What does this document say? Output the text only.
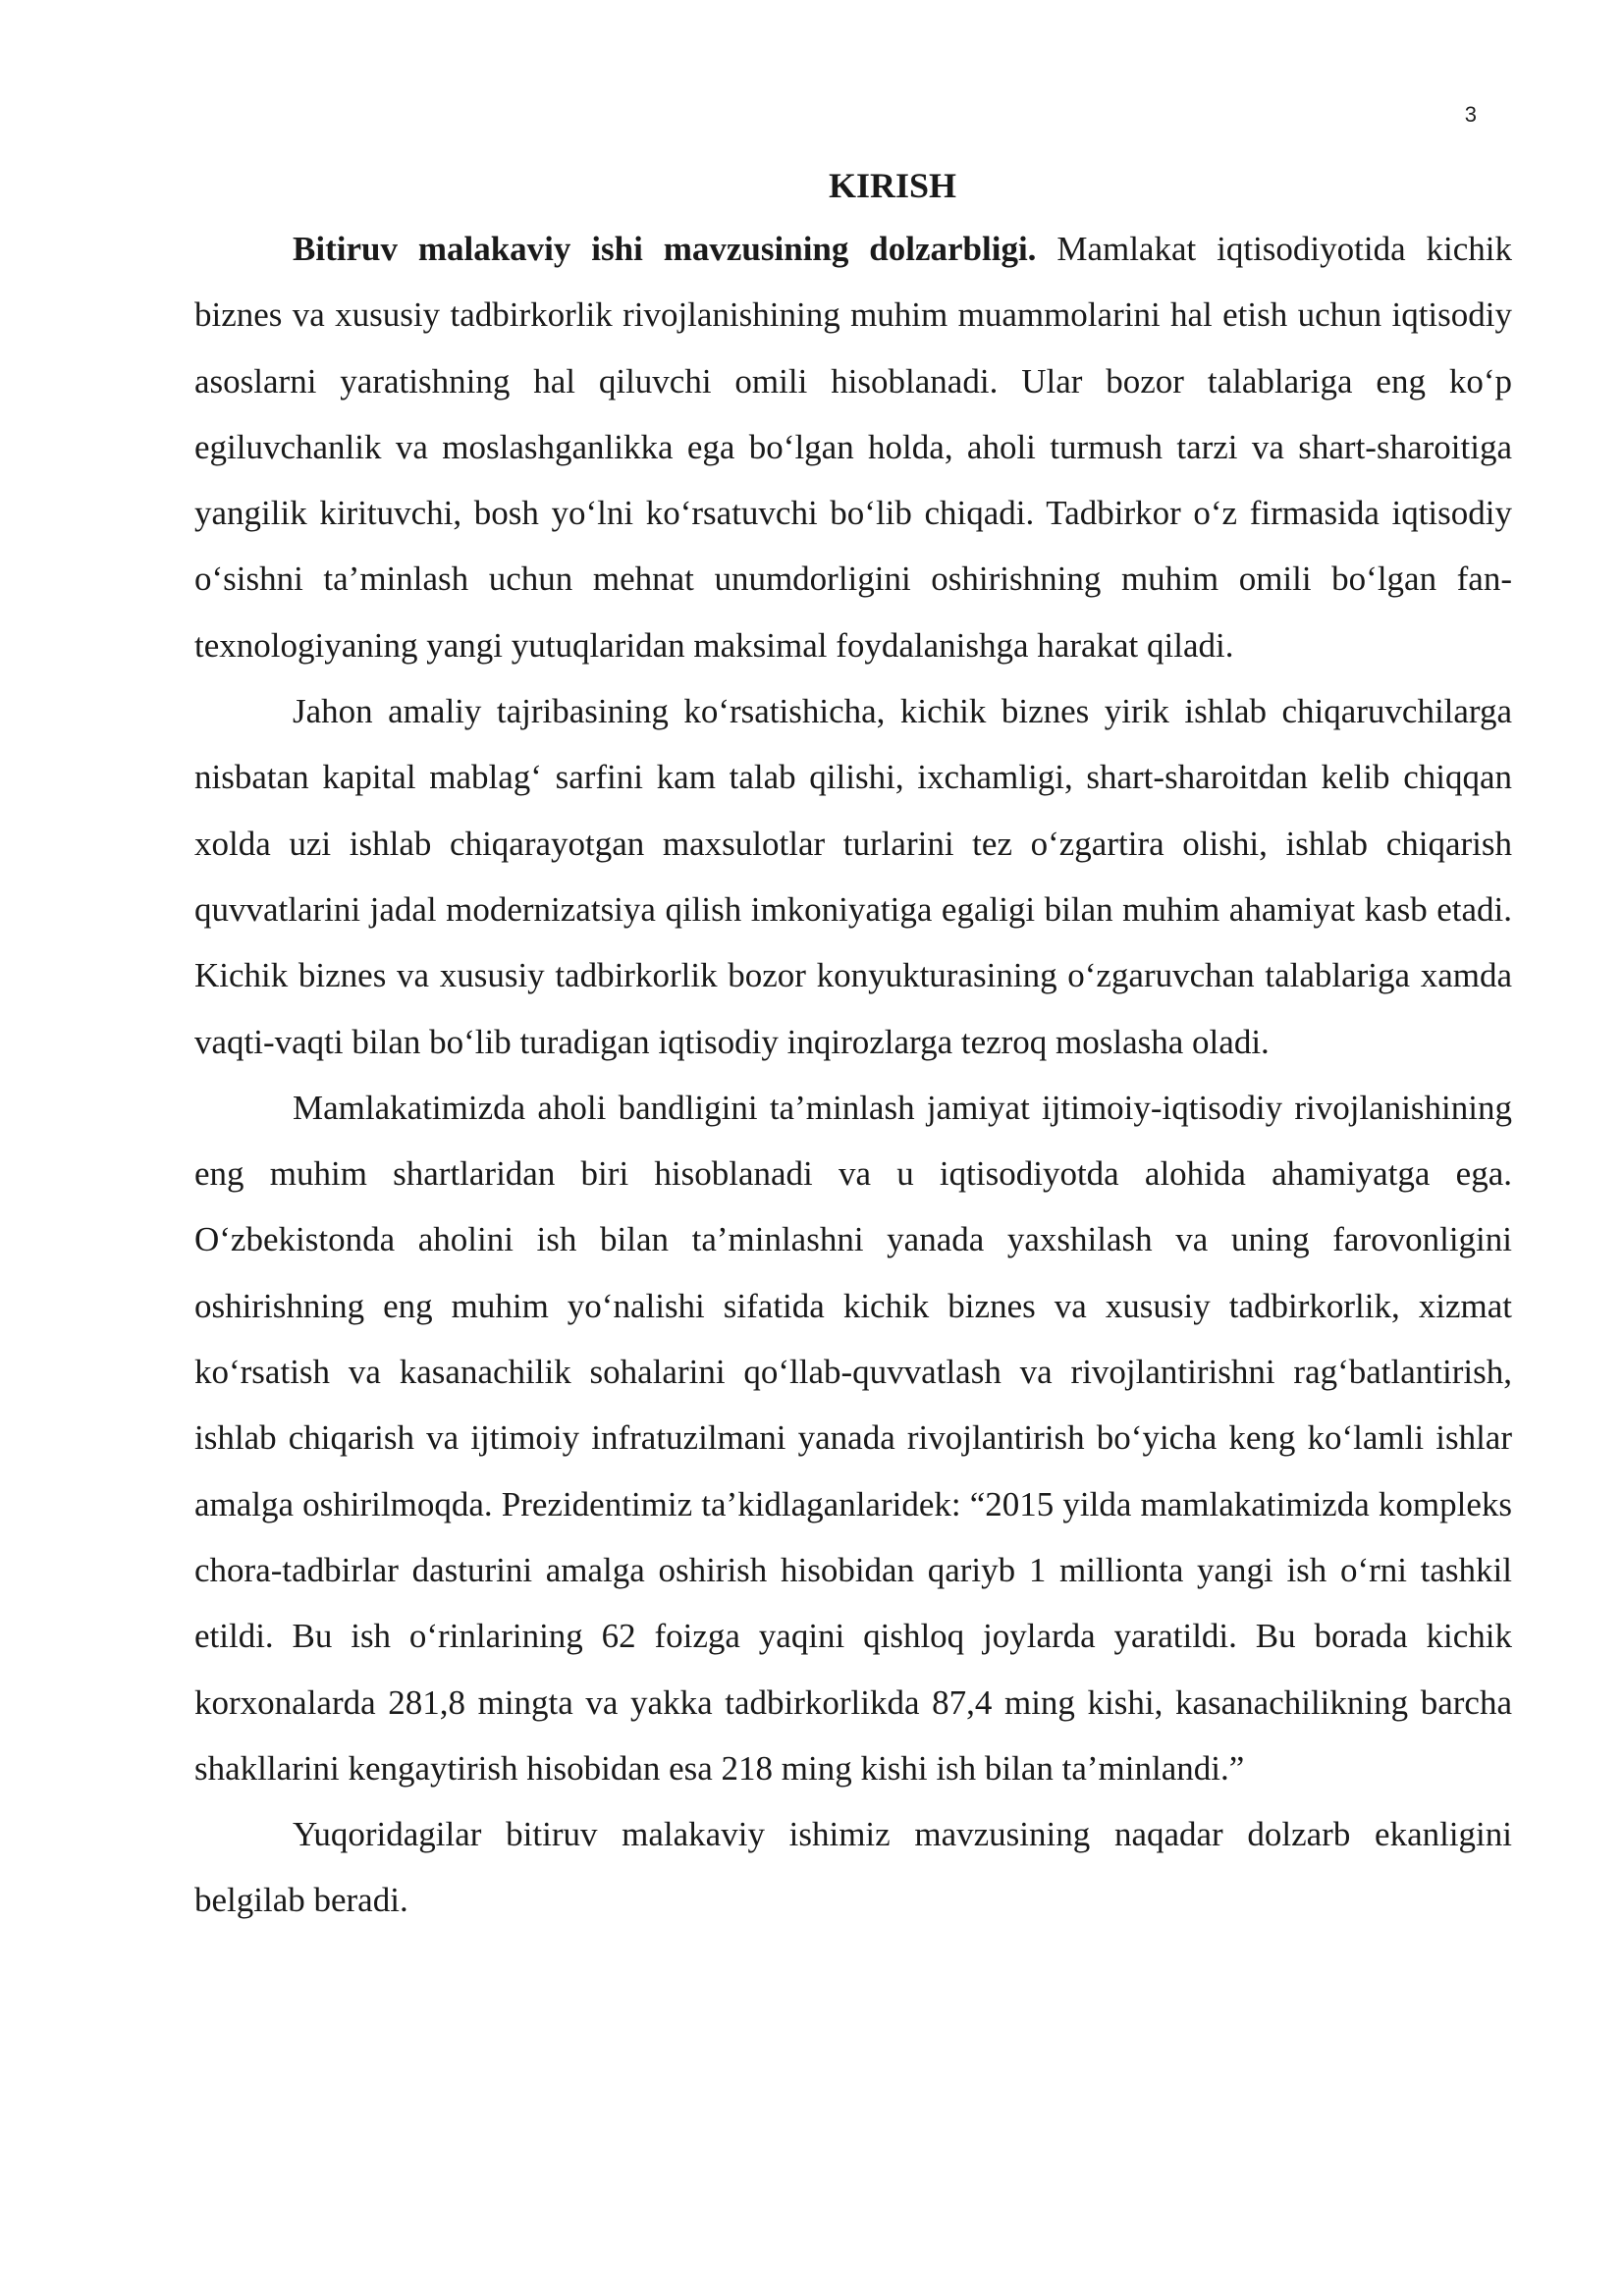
3
KIRISH

Bitiruv malakaviy ishi mavzusining dolzarbligi. Mamlakat iqtisodiyotida kichik biznes va xususiy tadbirkorlik rivojlanishining muhim muammolarini hal etish uchun iqtisodiy asoslarni yaratishning hal qiluvchi omili hisoblanadi. Ular bozor talablariga eng ko‘p egiluvchanlik va moslashganlikka ega bo‘lgan holda, aholi turmush tarzi va shart-sharoitiga yangilik kirituvchi, bosh yo‘lni ko‘rsatuvchi bo‘lib chiqadi. Tadbirkor o‘z firmasida iqtisodiy o‘sishni ta’minlash uchun mehnat unumdorligini oshirishning muhim omili bo‘lgan fan-texnologiyaning yangi yutuqlaridan maksimal foydalanishga harakat qiladi.

Jahon amaliy tajribasining ko‘rsatishicha, kichik biznes yirik ishlab chiqaruvchilarga nisbatan kapital mablag‘ sarfini kam talab qilishi, ixchamligi, shart-sharoitdan kelib chiqqan xolda uzi ishlab chiqarayotgan maxsulotlar turlarini tez o‘zgartira olishi, ishlab chiqarish quvvatlarini jadal modernizatsiya qilish imkoniyatiga egaligi bilan muhim ahamiyat kasb etadi. Kichik biznes va xususiy tadbirkorlik bozor konyukturasining o‘zgaruvchan talablariga xamda vaqti-vaqti bilan bo‘lib turadigan iqtisodiy inqirozlarga tezroq moslasha oladi.

Mamlakatimizda aholi bandligini ta’minlash jamiyat ijtimoiy-iqtisodiy rivojlanishining eng muhim shartlaridan biri hisoblanadi va u iqtisodiyotda alohida ahamiyatga ega. O‘zbekistonda aholini ish bilan ta’minlashni yanada yaxshilash va uning farovonligini oshirishning eng muhim yo‘nalishi sifatida kichik biznes va xususiy tadbirkorlik, xizmat ko‘rsatish va kasanachilik sohalarini qo‘llab-quvvatlash va rivojlantirishni rag‘batlantirish, ishlab chiqarish va ijtimoiy infratuzilmani yanada rivojlantirish bo‘yicha keng ko‘lamli ishlar amalga oshirilmoqda. Prezidentimiz ta’kidlaganlaridek: “2015 yilda mamlakatimizda kompleks chora-tadbirlar dasturini amalga oshirish hisobidan qariyb 1 millionta yangi ish o‘rni tashkil etildi. Bu ish o‘rinlarining 62 foizga yaqini qishloq joylarda yaratildi. Bu borada kichik korxonalarda 281,8 mingta va yakka tadbirkorlikda 87,4 ming kishi, kasanachilikning barcha shakllarini kengaytirish hisobidan esa 218 ming kishi ish bilan ta’minlandi.”

Yuqoridagilar bitiruv malakaviy ishimiz mavzusining naqadar dolzarb ekanligini belgilab beradi.
